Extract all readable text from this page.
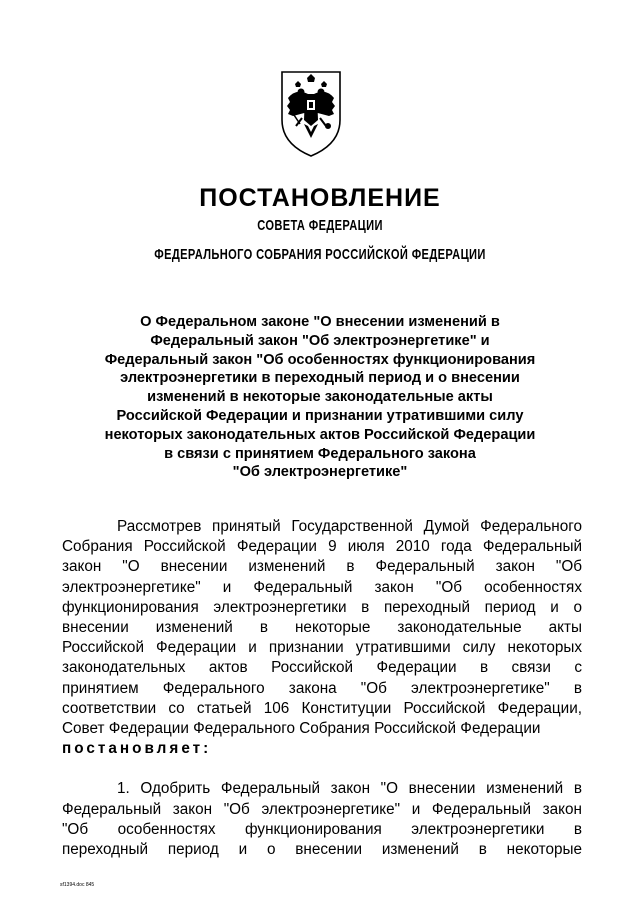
ПОСТАНОВЛЕНИЕ
СОВЕТА ФЕДЕРАЦИИ
ФЕДЕРАЛЬНОГО СОБРАНИЯ РОССИЙСКОЙ ФЕДЕРАЦИИ
О Федеральном законе "О внесении изменений в
Федеральный закон "Об электроэнергетике" и
Федеральный закон "Об особенностях функционирования
электроэнергетики в переходный период и о внесении
изменений в некоторые законодательные акты
Российской Федерации и признании утратившими силу
некоторых законодательных актов Российской Федерации
в связи с принятием Федерального закона
"Об электроэнергетике"
Рассмотрев принятый Государственной Думой Федерального
Собрания Российской Федерации 9 июля 2010 года Федеральный
закон "О внесении изменений в Федеральный закон "Об
электроэнергетике" и Федеральный закон "Об особенностях
функционирования электроэнергетики в переходный период и о
внесении изменений в некоторые законодательные акты
Российской Федерации и признании утратившими силу некоторых
законодательных актов Российской Федерации в связи с
принятием Федерального закона "Об электроэнергетике" в
соответствии со статьей 106 Конституции Российской Федерации,
Совет Федерации Федерального Собрания Российской Федерации
постановляет:
1. Одобрить Федеральный закон "О внесении изменений в
Федеральный закон "Об электроэнергетике" и Федеральный закон
"Об особенностях функционирования электроэнергетики в
переходный период и о внесении изменений в некоторые
sf1394.doc 845
